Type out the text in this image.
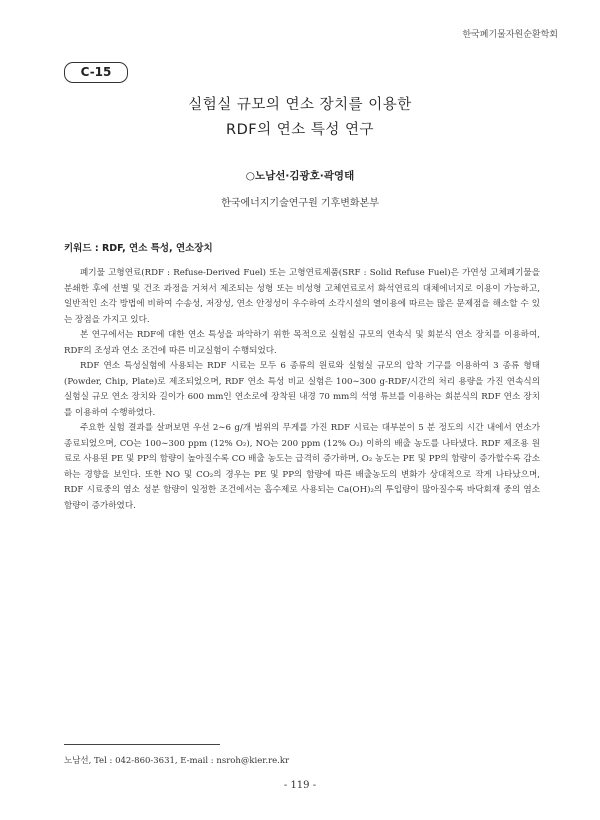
한국폐기물자원순환학회
C-15
실험실 규모의 연소 장치를 이용한
RDF의 연소 특성 연구
○노남선·김광호·곽영태
한국에너지기술연구원 기후변화본부
키워드 : RDF, 연소 특성, 연소장치

폐기물 고형연료(RDF : Refuse-Derived Fuel) 또는 고형연료제품(SRF : Solid Refuse Fuel)은 가연성 고체폐기물을 분쇄한 후에 선별 및 건조 과정을 거쳐서 제조되는 성형 또는 비성형 고체연료로서 화석연료의 대체에너지로 이용이 가능하고, 일반적인 소각 방법에 비하여 수송성, 저장성, 연소 안정성이 우수하여 소각시설의 열이용에 따르는 많은 문제점을 해소할 수 있는 장점을 가지고 있다.

본 연구에서는 RDF에 대한 연소 특성을 파악하기 위한 목적으로 실험실 규모의 연속식 및 회분식 연소 장치를 이용하여, RDF의 조성과 연소 조건에 따른 비교실험이 수행되었다.

RDF 연소 특성실험에 사용되는 RDF 시료는 모두 6 종류의 원료와 실험실 규모의 압착 기구를 이용하여 3 종류 형태(Powder, Chip, Plate)로 제조되었으며, RDF 연소 특성 비교 실험은 100∼300 g-RDF/시간의 처리 용량을 가진 연속식의 실험실 규모 연소 장치와 길이가 600 mm인 연소로에 장착된 내경 70 mm의 석영 튜브를 이용하는 회분식의 RDF 연소 장치를 이용하여 수행하였다.

주요한 실험 결과를 살펴보면 우선 2∼6 g/개 범위의 무게를 가진 RDF 시료는 대부분이 5 분 정도의 시간 내에서 연소가 종료되었으며, CO는 100∼300 ppm (12% O₂), NO는 200 ppm (12% O₂) 이하의 배출 농도를 나타냈다. RDF 제조용 원료로 사용된 PE 및 PP의 함량이 높아질수록 CO 배출 농도는 급격히 증가하며, O₂ 농도는 PE 및 PP의 함량이 증가할수록 감소하는 경향을 보인다. 또한 NO 및 CO₂의 경우는 PE 및 PP의 함량에 따른 배출농도의 변화가 상대적으로 작게 나타났으며, RDF 시료중의 염소 성분 함량이 일정한 조건에서는 흡수제로 사용되는 Ca(OH)₂의 투입량이 많아질수록 바닥회재 중의 염소 함량이 증가하였다.

노남선, Tel : 042-860-3631, E-mail : nsroh@kier.re.kr
- 119 -
